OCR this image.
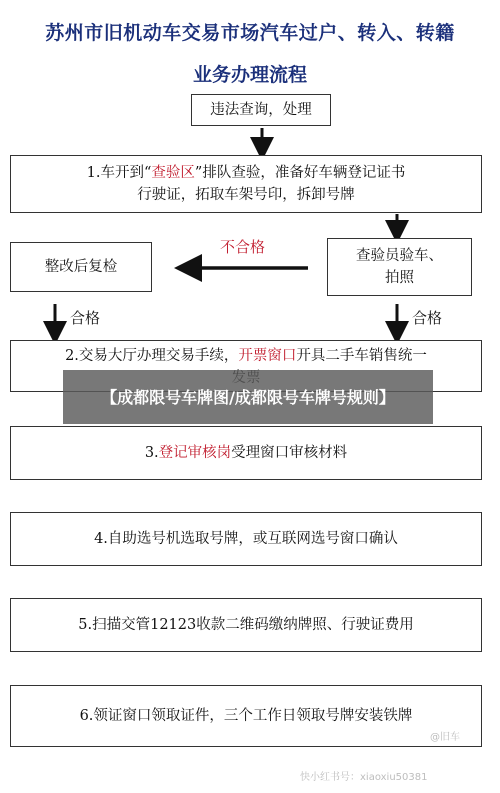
苏州市旧机动车交易市场汽车过户、转入、转籍
业务办理流程
违法查询，处理
1.车开到“查验区”排队查验，准备好车辆登记证书
行驶证，拓取车架号印，拆卸号牌
整改后复检
不合格	查验员验车、
拍照
合格	合格
2.交易大厅办理交易手续，开票窗口开具二手车销售统一
【成都限号车牌图/成都限号车牌号规则】
3.登记审核岗受理窗口审核材料
4.自助选号机选取号牌，或互联网选号窗口确认
5.扫描交管12123收款二维码缴纳牌照、行驶证费用
6.领证窗口领取证件，三个工作日领取号牌安装铁牌
@旧车
快小红书号：xiaoxiu50381
